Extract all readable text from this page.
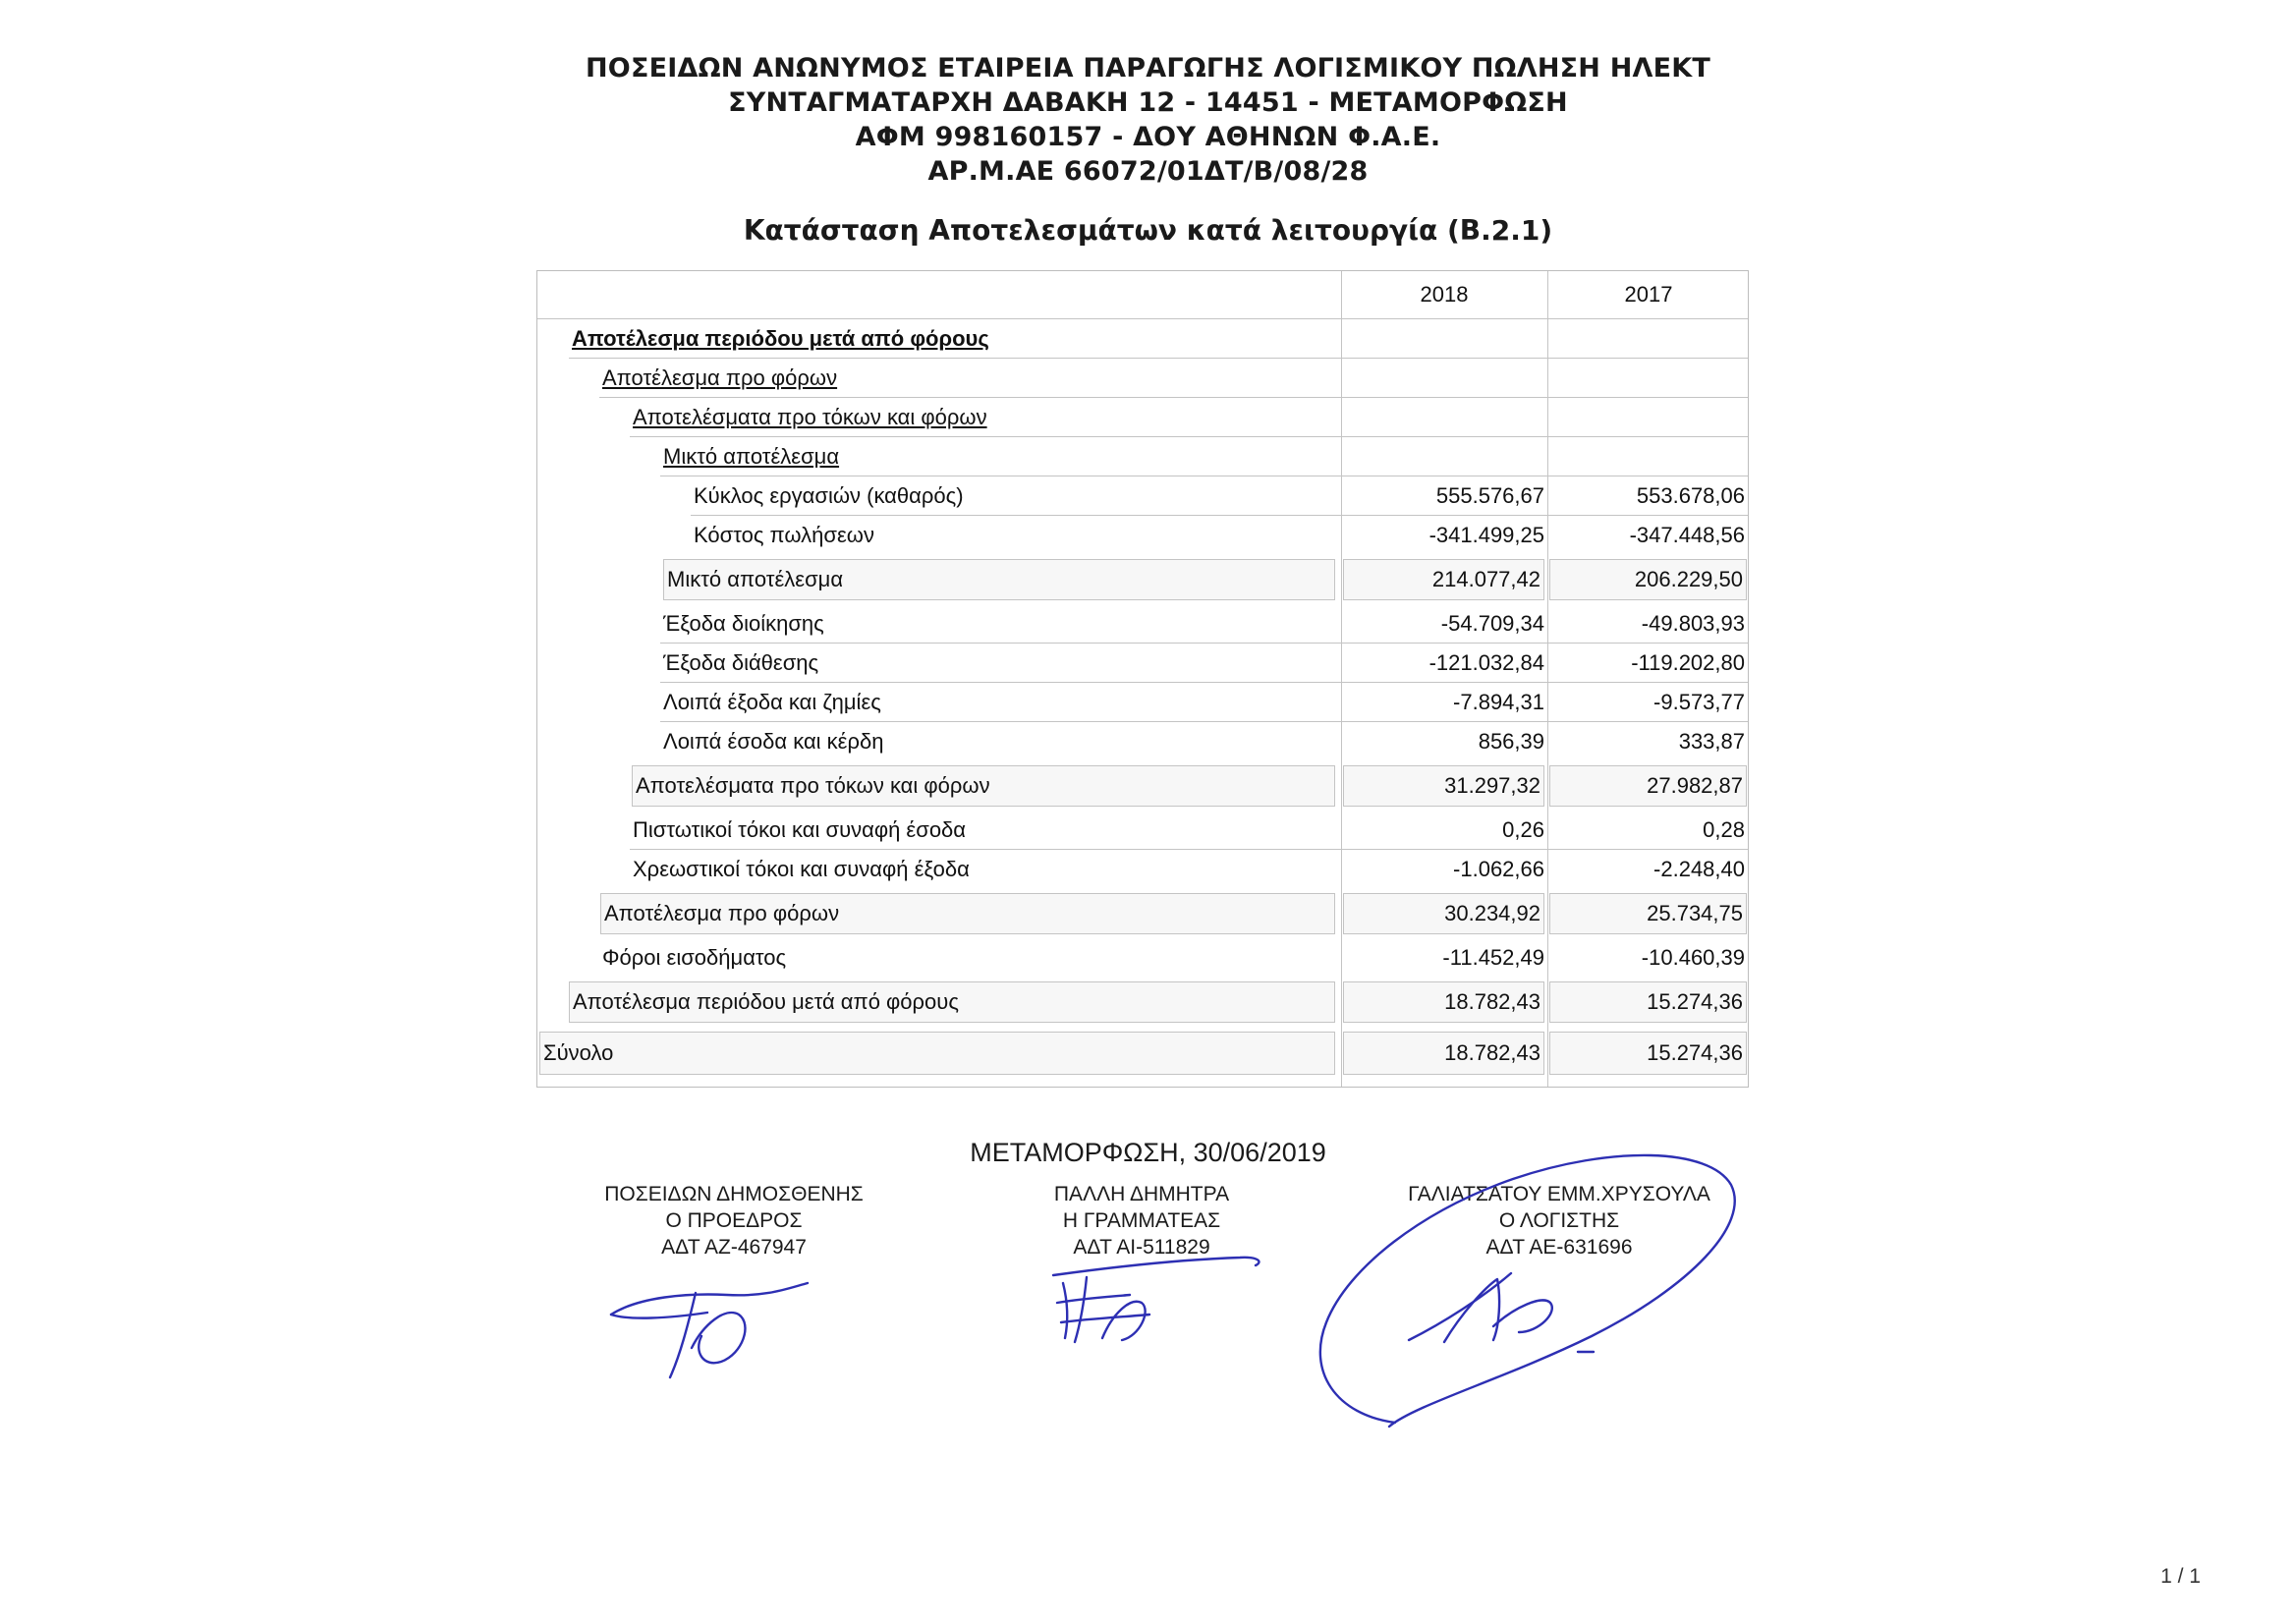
ΠΟΣΕΙΔΩΝ ΑΝΩΝΥΜΟΣ ΕΤΑΙΡΕΙΑ ΠΑΡΑΓΩΓΗΣ ΛΟΓΙΣΜΙΚΟΥ ΠΩΛΗΣΗ ΗΛΕΚΤ
ΣΥΝΤΑΓΜΑΤΑΡΧΗ ΔΑΒΑΚΗ 12 - 14451 - ΜΕΤΑΜΟΡΦΩΣΗ
ΑΦΜ 998160157 - ΔΟΥ ΑΘΗΝΩΝ Φ.Α.Ε.
ΑΡ.Μ.ΑΕ 66072/01ΔΤ/Β/08/28
Κατάσταση Αποτελεσμάτων κατά λειτουργία (Β.2.1)
2018	2017
Αποτέλεσμα περιόδου μετά από φόρους
Αποτέλεσμα προ φόρων
Αποτελέσματα προ τόκων και φόρων
Μικτό αποτέλεσμα
Κύκλος εργασιών (καθαρός)	555.576,67	553.678,06
Κόστος πωλήσεων	-341.499,25	-347.448,56
Μικτό αποτέλεσμα	214.077,42	206.229,50
Έξοδα διοίκησης	-54.709,34	-49.803,93
Έξοδα διάθεσης	-121.032,84	-119.202,80
Λοιπά έξοδα και ζημίες	-7.894,31	-9.573,77
Λοιπά έσοδα και κέρδη	856,39	333,87
Αποτελέσματα προ τόκων και φόρων	31.297,32	27.982,87
Πιστωτικοί τόκοι και συναφή έσοδα	0,26	0,28
Χρεωστικοί τόκοι και συναφή έξοδα	-1.062,66	-2.248,40
Αποτέλεσμα προ φόρων	30.234,92	25.734,75
Φόροι εισοδήματος	-11.452,49	-10.460,39
Αποτέλεσμα περιόδου μετά από φόρους	18.782,43	15.274,36
Σύνολο	18.782,43	15.274,36
ΜΕΤΑΜΟΡΦΩΣΗ, 30/06/2019
ΠΟΣΕΙΔΩΝ ΔΗΜΟΣΘΕΝΗΣ
Ο ΠΡΟΕΔΡΟΣ
ΑΔΤ ΑΖ-467947
ΠΑΛΛΗ ΔΗΜΗΤΡΑ
Η ΓΡΑΜΜΑΤΕΑΣ
ΑΔΤ ΑΙ-511829
ΓΑΛΙΑΤΣΑΤΟΥ ΕΜΜ.ΧΡΥΣΟΥΛΑ
Ο ΛΟΓΙΣΤΗΣ
ΑΔΤ ΑΕ-631696
1 / 1
